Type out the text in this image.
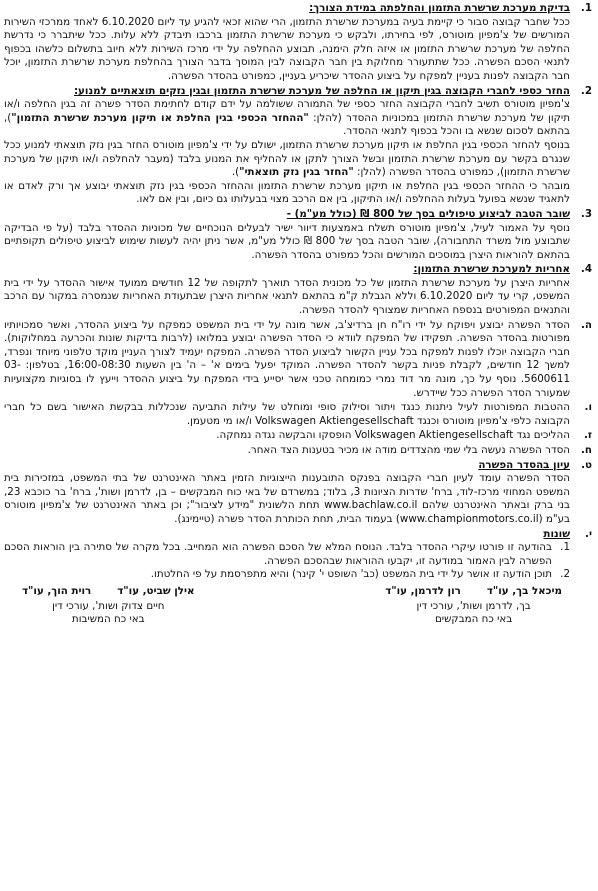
1.
בדיקת מערכת שרשרת התזמון והחלפתה במידת הצורך:

ככל שחבר קבוצה סבור כי קיימת בעיה במערכת שרשרת התזמון, הרי שהוא זכאי להגיע עד ליום 6.10.2020 לאחד ממרכזי השירות המורשים של צ'מפיון מוטורס, לפי בחירתו, ולבקש כי מערכת שרשרת התזמון ברכבו תיבדק ללא עלות. ככל שיתברר כי נדרשת החלפה של מערכת שרשרת התזמון או איזה חלק הימנה, תבוצע ההחלפה על ידי מרכז השירות ללא חיוב בתשלום כלשהו בכפוף לתנאי הסכם הפשרה. ככל שתתעורר מחלוקת בין חבר הקבוצה לבין המוסך בדבר הצורך בהחלפת מערכת שרשרת התזמון, יוכל חבר הקבוצה לפנות בעניין למפקח על ביצוע ההסדר שיכריע בעניין, כמפורט בהסדר הפשרה.

2.
החזר כספי לחברי הקבוצה בגין תיקון או החלפה של מערכת שרשרת התזמון ובגין נזקים תוצאתיים למנוע:

צ'מפיון מוטורס תשיב לחברי הקבוצה החזר כספי של התמורה ששולמה על ידם קודם לחתימת הסדר פשרה זה בגין החלפה ו/או תיקון של מערכת שרשרת התזמון במכוניות ההסדר (להלן: "ההחזר הכספי בגין החלפת או תיקון מערכת שרשרת התזמון"), בהתאם לסכום שנשא בו והכל בכפוף לתנאי ההסדר.

בנוסף להחזר הכספי בגין החלפת או תיקון מערכת שרשרת התזמון, ישולם על ידי צ'מפיון מוטורס החזר בגין נזק תוצאתי למנוע ככל שנגרם בקשר עם מערכת שרשרת התזמון ובשל הצורך לתקן או להחליף את המנוע בלבד (מעבר להחלפה ו/או תיקון של מערכת שרשרת התזמון), כמפורט בהסדר הפשרה (להלן: "החזר בגין נזק תוצאתי").

מובהר כי ההחזר הכספי בגין החלפת או תיקון מערכת שרשרת התזמון וההחזר הכספי בגין נזק תוצאתי יבוצע אך ורק לאדם או לתאגיד שנשא בפועל בעלות ההחלפה ו/או התיקון, בין אם הרכב מצוי בבעלותו גם כיום, ובין אם לאו.

3.
שובר הטבה לביצוע טיפולים בסך של 800 ₪ (כולל מע"מ) -

נוסף על האמור לעיל, צ'מפיון מוטורס תשלח באמצעות דיוור ישיר לבעלים הנוכחיים של מכוניות ההסדר בלבד (על פי הבדיקה שתבוצע מול משרד התחבורה), שובר הטבה בסך של 800 ₪ כולל מע"מ, אשר ניתן יהיה לעשות שימוש לביצוע טיפולים תקופתיים בהתאם להוראות היצרן במוסכים המורשים והכל כמפורט בהסדר הפשרה.

4.
אחריות למערכת שרשרת התזמון:

אחריות היצרן על מערכת שרשרת התזמון של כל מכונית הסדר תוארך לתקופה של 12 חודשים ממועד אישור ההסדר על ידי בית המשפט, קרי עד ליום 6.10.2020 וללא הגבלת ק"מ בהתאם לתנאי אחריות היצרן שבתעודת האחריות שנמסרה במקור עם הרכב והתנאים המפורטים בנספח האחריות שמצורף להסדר הפשרה.

ה.

הסדר הפשרה יבוצע ויפוקח על ידי רו"ח חן ברדיצ'ב, אשר מונה על ידי בית המשפט כמפקח על ביצוע ההסדר, ואשר סמכויותיו מפורטות בהסדר הפשרה. תפקידו של המפקח לוודא כי הסדר הפשרה יבוצע במלואו (לרבות בדיקות שונות והכרעה במחלוקות). חברי הקבוצה יוכלו לפנות למפקח בכל עניין הקשור לביצוע הסדר הפשרה. המפקח יעמיד לצורך העניין מוקד טלפוני מיוחד ונפרד, למשך 12 חודשים, לקבלת פניות בקשר להסדר הפשרה. המוקד יפעל בימים א' – ה' בין השעות 16:00-08:30, בטלפון: 03-5600611. נוסף על כך, מונה מר דוד נמרי כמומחה טכני אשר יסייע בידי המפקח על ביצוע ההסדר וייעץ לו בסוגיות מקצועיות שמעורר הסדר הפשרה ככל שיידרש.

ו.

ההטבות המפורטות לעיל ניתנות כנגד ויתור וסילוק סופי ומוחלט של עילות התביעה שנכללות בבקשת האישור בשם כל חברי הקבוצה כלפי צ'מפיון מוטורס וכנגד Volkswagen Aktiengesellschaft ו/או מי מטעמן.

ז.

ההליכים נגד Volkswagen Aktiengesellschaft הופסקו והבקשה נגדה נמחקה.

ח.

הסדר הפשרה נעשה בלי שמי מהצדדים מודה או מכיר בטענות הצד האחר.

ט.
עיון בהסדר הפשרה

הסדר הפשרה עומד לעיון חברי הקבוצה בפנקס התובענות הייצוגיות הזמין באתר האינטרנט של בתי המשפט, במזכירות בית המשפט המחוזי מרכז-לוד, ברח' שדרות הציונות 3, בלוד; במשרדם של באי כוח המבקשים – בן, לדרמן ושות', ברח' בר כוכבא 23, בני ברק ובאתר האינטרנט שלהם www.bachlaw.co.il תחת הלשונית "מידע לציבור"; וכן באתר האינטרנט של צ'מפיון מוטורס בע"מ (www.championmotors.co.il) בעמוד הבית, תחת הכותרת הסדר פשרה (טיימינג).

י.
שונות
1.

בהודעה זו פורטו עיקרי ההסדר בלבד. הנוסח המלא של הסכם הפשרה הוא המחייב. בכל מקרה של סתירה בין הוראות הסכם הפשרה לבין האמור במודעה זו, יקבעו ההוראות שבהסכם הפשרה.

2.

תוכן הודעה זו אושר על ידי בית המשפט (כב' השופט י' קינר) והיא מתפרסמת על פי החלטתו.

מיכאל בך, עו"ד
רון לדרמן, עו"ד
בך, לדרמן ושות', עורכי דין
באי כח המבקשים
אילן שביט, עו"ד
רוית הוך, עו"ד
חיים צדוק ושות', עורכי דין
באי כח המשיבות
